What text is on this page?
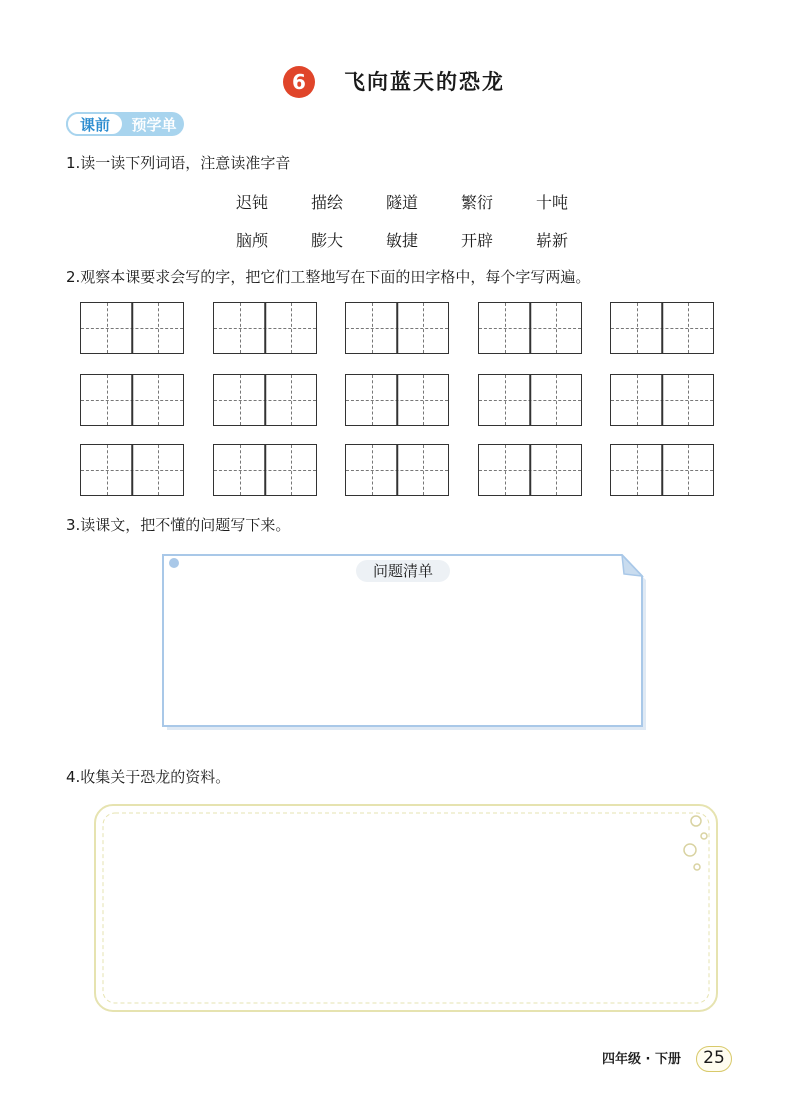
6	飞向蓝天的恐龙
课前	预学单
1.读一读下列词语，注意读准字音
迟钝	描绘	隧道	繁衍	十吨
脑颅	膨大	敏捷	开辟	崭新
2.观察本课要求会写的字，把它们工整地写在下面的田字格中，每个字写两遍。
3.读课文，把不懂的问题写下来。
问题清单
4.收集关于恐龙的资料。
四年级 · 下册	25
